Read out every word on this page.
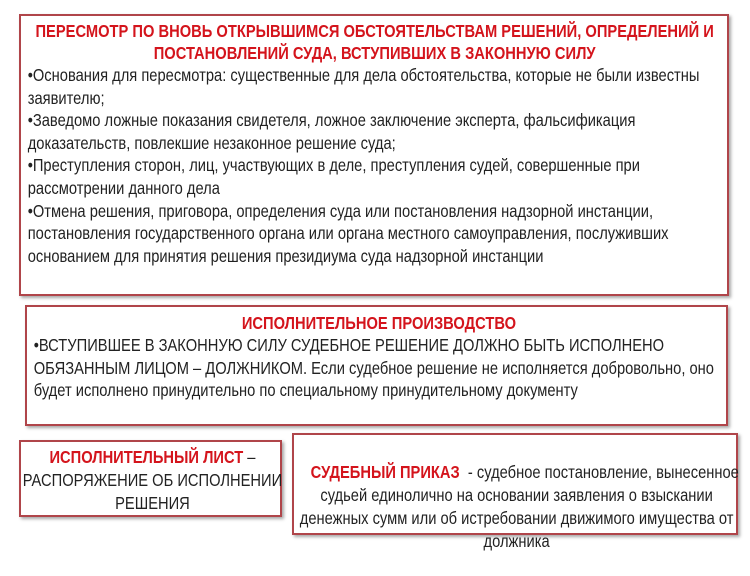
ПЕРЕСМОТР ПО ВНОВЬ ОТКРЫВШИМСЯ ОБСТОЯТЕЛЬСТВАМ РЕШЕНИЙ, ОПРЕДЕЛЕНИЙ И ПОСТАНОВЛЕНИЙ СУДА, ВСТУПИВШИХ В ЗАКОННУЮ СИЛУ

•Основания для пересмотра: существенные для дела обстоятельства, которые не были известны заявителю;

•Заведомо ложные показания свидетеля, ложное заключение эксперта, фальсификация доказательств, повлекшие незаконное решение суда;

•Преступления сторон, лиц, участвующих в деле, преступления судей, совершенные при рассмотрении данного дела

•Отмена решения, приговора, определения суда или постановления надзорной инстанции, постановления государственного органа или органа местного самоуправления, послуживших основанием для принятия решения президиума суда надзорной инстанции

ИСПОЛНИТЕЛЬНОЕ ПРОИЗВОДСТВО

•ВСТУПИВШЕЕ В ЗАКОННУЮ СИЛУ СУДЕБНОЕ РЕШЕНИЕ ДОЛЖНО БЫТЬ ИСПОЛНЕНО ОБЯЗАННЫМ ЛИЦОМ – ДОЛЖНИКОМ. Если судебное решение не исполняется добровольно, оно будет исполнено принудительно по специальному принудительному документу

ИСПОЛНИТЕЛЬНЫЙ ЛИСТ – РАСПОРЯЖЕНИЕ ОБ ИСПОЛНЕНИИ РЕШЕНИЯ

СУДЕБНЫЙ ПРИКАЗ  - судебное постановление, вынесенное судьей единолично на основании заявления о взыскании денежных сумм или об истребовании движимого имущества от должника
